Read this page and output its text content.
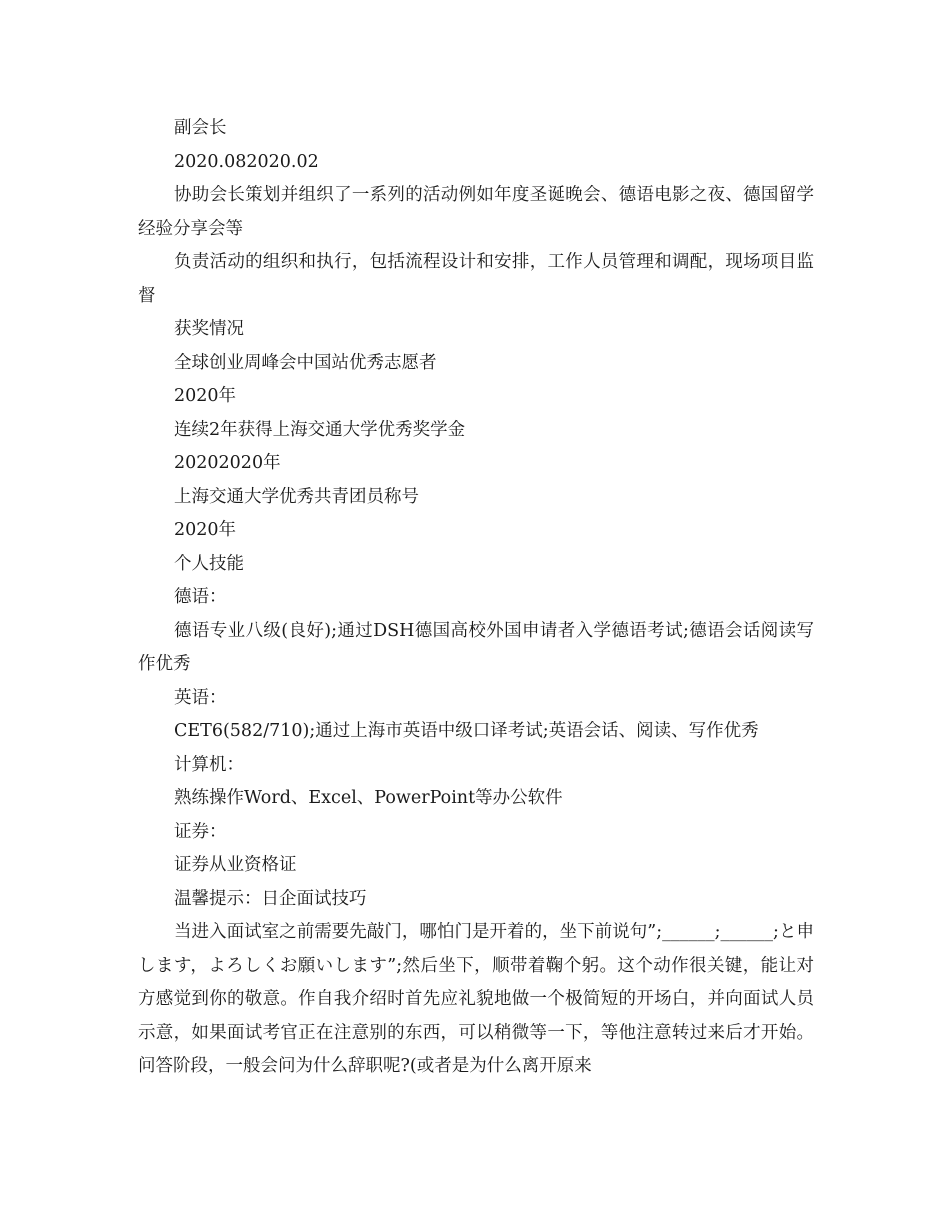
副会长

2020.082020.02

协助会长策划并组织了一系列的活动例如年度圣诞晚会、德语电影之夜、德国留学经验分享会等

负责活动的组织和执行，包括流程设计和安排，工作人员管理和调配，现场项目监督

获奖情况

全球创业周峰会中国站优秀志愿者

2020年

连续2年获得上海交通大学优秀奖学金

20202020年

上海交通大学优秀共青团员称号

2020年

个人技能

德语：

德语专业八级(良好);通过DSH德国高校外国申请者入学德语考试;德语会话阅读写作优秀

英语：

CET6(582/710);通过上海市英语中级口译考试;英语会话、阅读、写作优秀

计算机：

熟练操作Word、Excel、PowerPoint等办公软件

证券：

证券从业资格证

温馨提示：日企面试技巧

当进入面试室之前需要先敲门，哪怕门是开着的，坐下前说句”;______;______;と申します，よろしくお願いします”;然后坐下，顺带着鞠个躬。这个动作很关键，能让对方感觉到你的敬意。作自我介绍时首先应礼貌地做一个极简短的开场白，并向面试人员示意，如果面试考官正在注意别的东西，可以稍微等一下，等他注意转过来后才开始。问答阶段，一般会问为什么辞职呢?(或者是为什么离开原来
